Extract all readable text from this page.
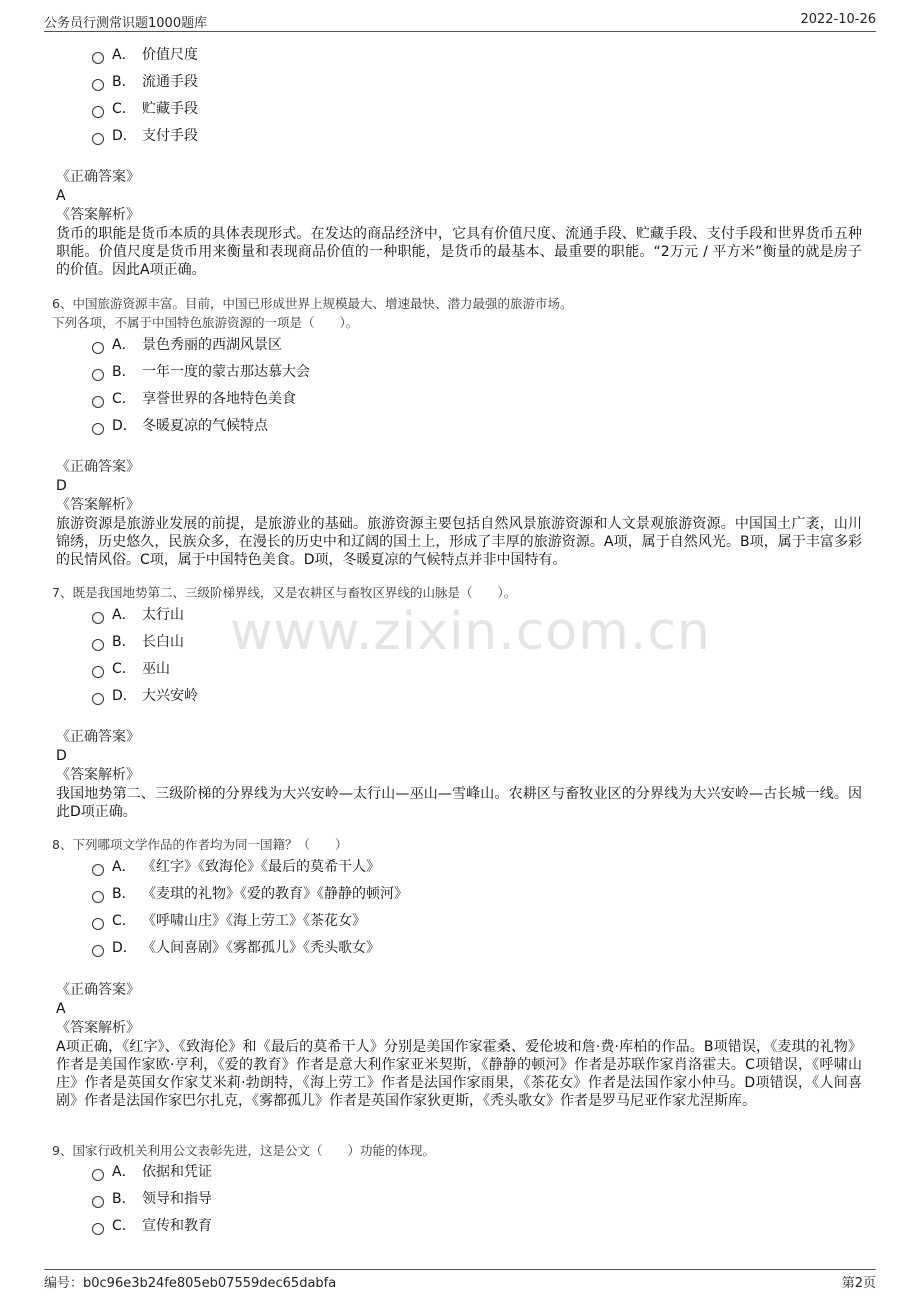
公务员行测常识题1000题库	2022-10-26
www.zixin.com.cn
A． 价值尺度
B． 流通手段
C． 贮藏手段
D． 支付手段
《正确答案》
A
《答案解析》
货币的职能是货币本质的具体表现形式。在发达的商品经济中，它具有价值尺度、流通手段、贮藏手段、支付手段和世界货币五种职能。价值尺度是货币用来衡量和表现商品价值的一种职能，是货币的最基本、最重要的职能。“2万元 / 平方米”衡量的就是房子的价值。因此A项正确。
6、中国旅游资源丰富。目前，中国已形成世界上规模最大、增速最快、潜力最强的旅游市场。
下列各项，不属于中国特色旅游资源的一项是（　　）。
A． 景色秀丽的西湖风景区
B． 一年一度的蒙古那达慕大会
C． 享誉世界的各地特色美食
D． 冬暖夏凉的气候特点
《正确答案》
D
《答案解析》
旅游资源是旅游业发展的前提，是旅游业的基础。旅游资源主要包括自然风景旅游资源和人文景观旅游资源。中国国土广袤，山川锦绣，历史悠久，民族众多，在漫长的历史中和辽阔的国土上，形成了丰厚的旅游资源。A项，属于自然风光。B项，属于丰富多彩的民情风俗。C项，属于中国特色美食。D项，冬暖夏凉的气候特点并非中国特有。
7、既是我国地势第二、三级阶梯界线，又是农耕区与畜牧区界线的山脉是（　　）。
A． 太行山
B． 长白山
C． 巫山
D． 大兴安岭
《正确答案》
D
《答案解析》
我国地势第二、三级阶梯的分界线为大兴安岭—太行山—巫山—雪峰山。农耕区与畜牧业区的分界线为大兴安岭—古长城一线。因此D项正确。
8、下列哪项文学作品的作者均为同一国籍？（　　）
A． 《红字》《致海伦》《最后的莫希干人》
B． 《麦琪的礼物》《爱的教育》《静静的顿河》
C． 《呼啸山庄》《海上劳工》《茶花女》
D． 《人间喜剧》《雾都孤儿》《秃头歌女》
《正确答案》
A
《答案解析》
A项正确，《红字》、《致海伦》和《最后的莫希干人》分别是美国作家霍桑、爱伦坡和詹·费·库柏的作品。B项错误，《麦琪的礼物》作者是美国作家欧·亨利，《爱的教育》作者是意大利作家亚米契斯，《静静的顿河》作者是苏联作家肖洛霍夫。C项错误，《呼啸山庄》作者是英国女作家艾米莉·勃朗特，《海上劳工》作者是法国作家雨果，《茶花女》作者是法国作家小仲马。D项错误，《人间喜剧》作者是法国作家巴尔扎克，《雾都孤儿》作者是英国作家狄更斯，《秃头歌女》作者是罗马尼亚作家尤涅斯库。
9、国家行政机关利用公文表彰先进，这是公文（　　）功能的体现。
A． 依据和凭证
B． 领导和指导
C． 宣传和教育
编号：b0c96e3b24fe805eb07559dec65dabfa	第2页
